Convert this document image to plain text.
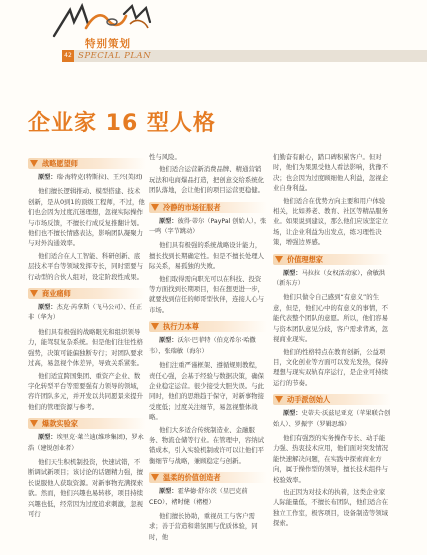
特别策划
42 SPECIAL PLAN
企业家 16 型人格
战略愿望师
原型：瑞·海特克(特斯拉)、王兴(美团)
他们擅长逻辑推动、模型搭建、技术创新，是从0到1的顶级工程师，不过，他们也会因为过度沉迷理想，忽视实际操作与市场反馈，不擅长行成反复推翻计划。他们也不擅长情感表达，影响团队凝聚力与对外沟通效率。
他们适合在人工智能、科研创新、底层技术平台等领域发挥专长，同时需要与行动型的合伙人组对，设定阶段性成果。
商业痛师
原型：杰克·芮拿斯（飞马公司）、任正非（华为）
他们具有极强的战略眼光和组织领导力，能驾驭复杂系统。但是他们往往性格强势，决策可能偏独断专行；对团队要求过高，易忽视个体差异，导致关系紧张。
他们适宜跨国集团、重资产企业、数字化转型平台等需要强有力领导的领域，容许团队多元，并开发以共同愿景来提升他们的管理资源与参考。
爆款实验家
原型：埃里克·莱兰迪(维珍集团)，罗永浩（建锐创业者）
他们天生积机制投资，快速试错，不断调试新项目；该讨论的话题精力强，擅长说服他人获取资源。对新事物充满探索欲。然而，他们兴趣也易转移，项目持续兴趣也低，经常因为过度追求刺激，忽视可行
性与风险。
他们适合运营新消费品牌、精通营销玩法和电商爆品打造，把创意交给系统化团队落地，会让他们的项目运营更稳健。
冷静的市场征服者
原型：彼得·蒂尔（PayPal 创始人），张一鸣（字节跳动）
他们具有极强的系统战略设计能力，擅长找到长期确定性。但是不擅长处理人际关系，易孤独的失败。
他们取得需向职光可以在科技、投资等方面找到长期项目，但在想更进一步，就要找到信任的师哥型伙伴，连接人心与市场。
执行力本尊
原型：沃尔·巴菲特（伯克希尔·哈撒韦），张瑞敏（海尔）
他们注重严谨框架、遵循规则教程，责任心强，会基于经验与数据决策，确保企业稳定运营。很少接受大胆失误。与此同时，他们的思维趋于保守，对新事物接受度低；过度关注细节，易忽视整体战略。
他们大多适合传统制造业、金融服务、物流仓储等行业。在管理中，容纳试错成本，引入实验机制或许可以让他们平衡细节与战略，兼顾稳定与创新。
温柔的价值创造者
原型：霍华德·舒尔茨（星巴克前CEO），褚时健（褚橙）
他们擅长协助，重视员工与客户需求；善于营造和谐氛围与优质体验，同时，他
们勤奋有耐心，踏口碑积累客户。但对时，他们为果黑受他人看法影响，犹豫不决；也会因为过度顾细他人利益，忽视企业自身利益。
他们适合在优势方向主要和用户体验相关，比如养老、教育、社区等精品服务业。如果说到建议，那么他们应该坚定立场，让企业利益为出发点，练习理性决策，增强边界感。
价值理想家
原型：马拉拉（女权活动家），俞敏洪（新东方）
他们只做令自己感到“有意义”的生意，但是，他们心中的有意义的事情，不能代表整个团队的意愿。所以，他们容易与资本团队意见分歧，客户需求背离，忽视商业现实。
他们的性格特点在教育创新，公益项目，文化创业等方面可以发光发热，保持理想与现实双轨有序运行，是企业可持续运行的节奏。
动手派创始人
原型：史蒂夫·沃兹尼亚克（苹果联合创始人）、罗振宇（罗辑思维）
他们有强烈的实务操作专长、动手能力强、热衷技术应用，他们面对突发情况能快速解决问题，在实践中探索商业方向，属于操作型的领导，擅长技术组件与校验效率。
也正因为对技术的执着，这类企业家人际能量低，不擅长布团队，他们适合在独立工作室，极客项目，设备制造等领域探索。
